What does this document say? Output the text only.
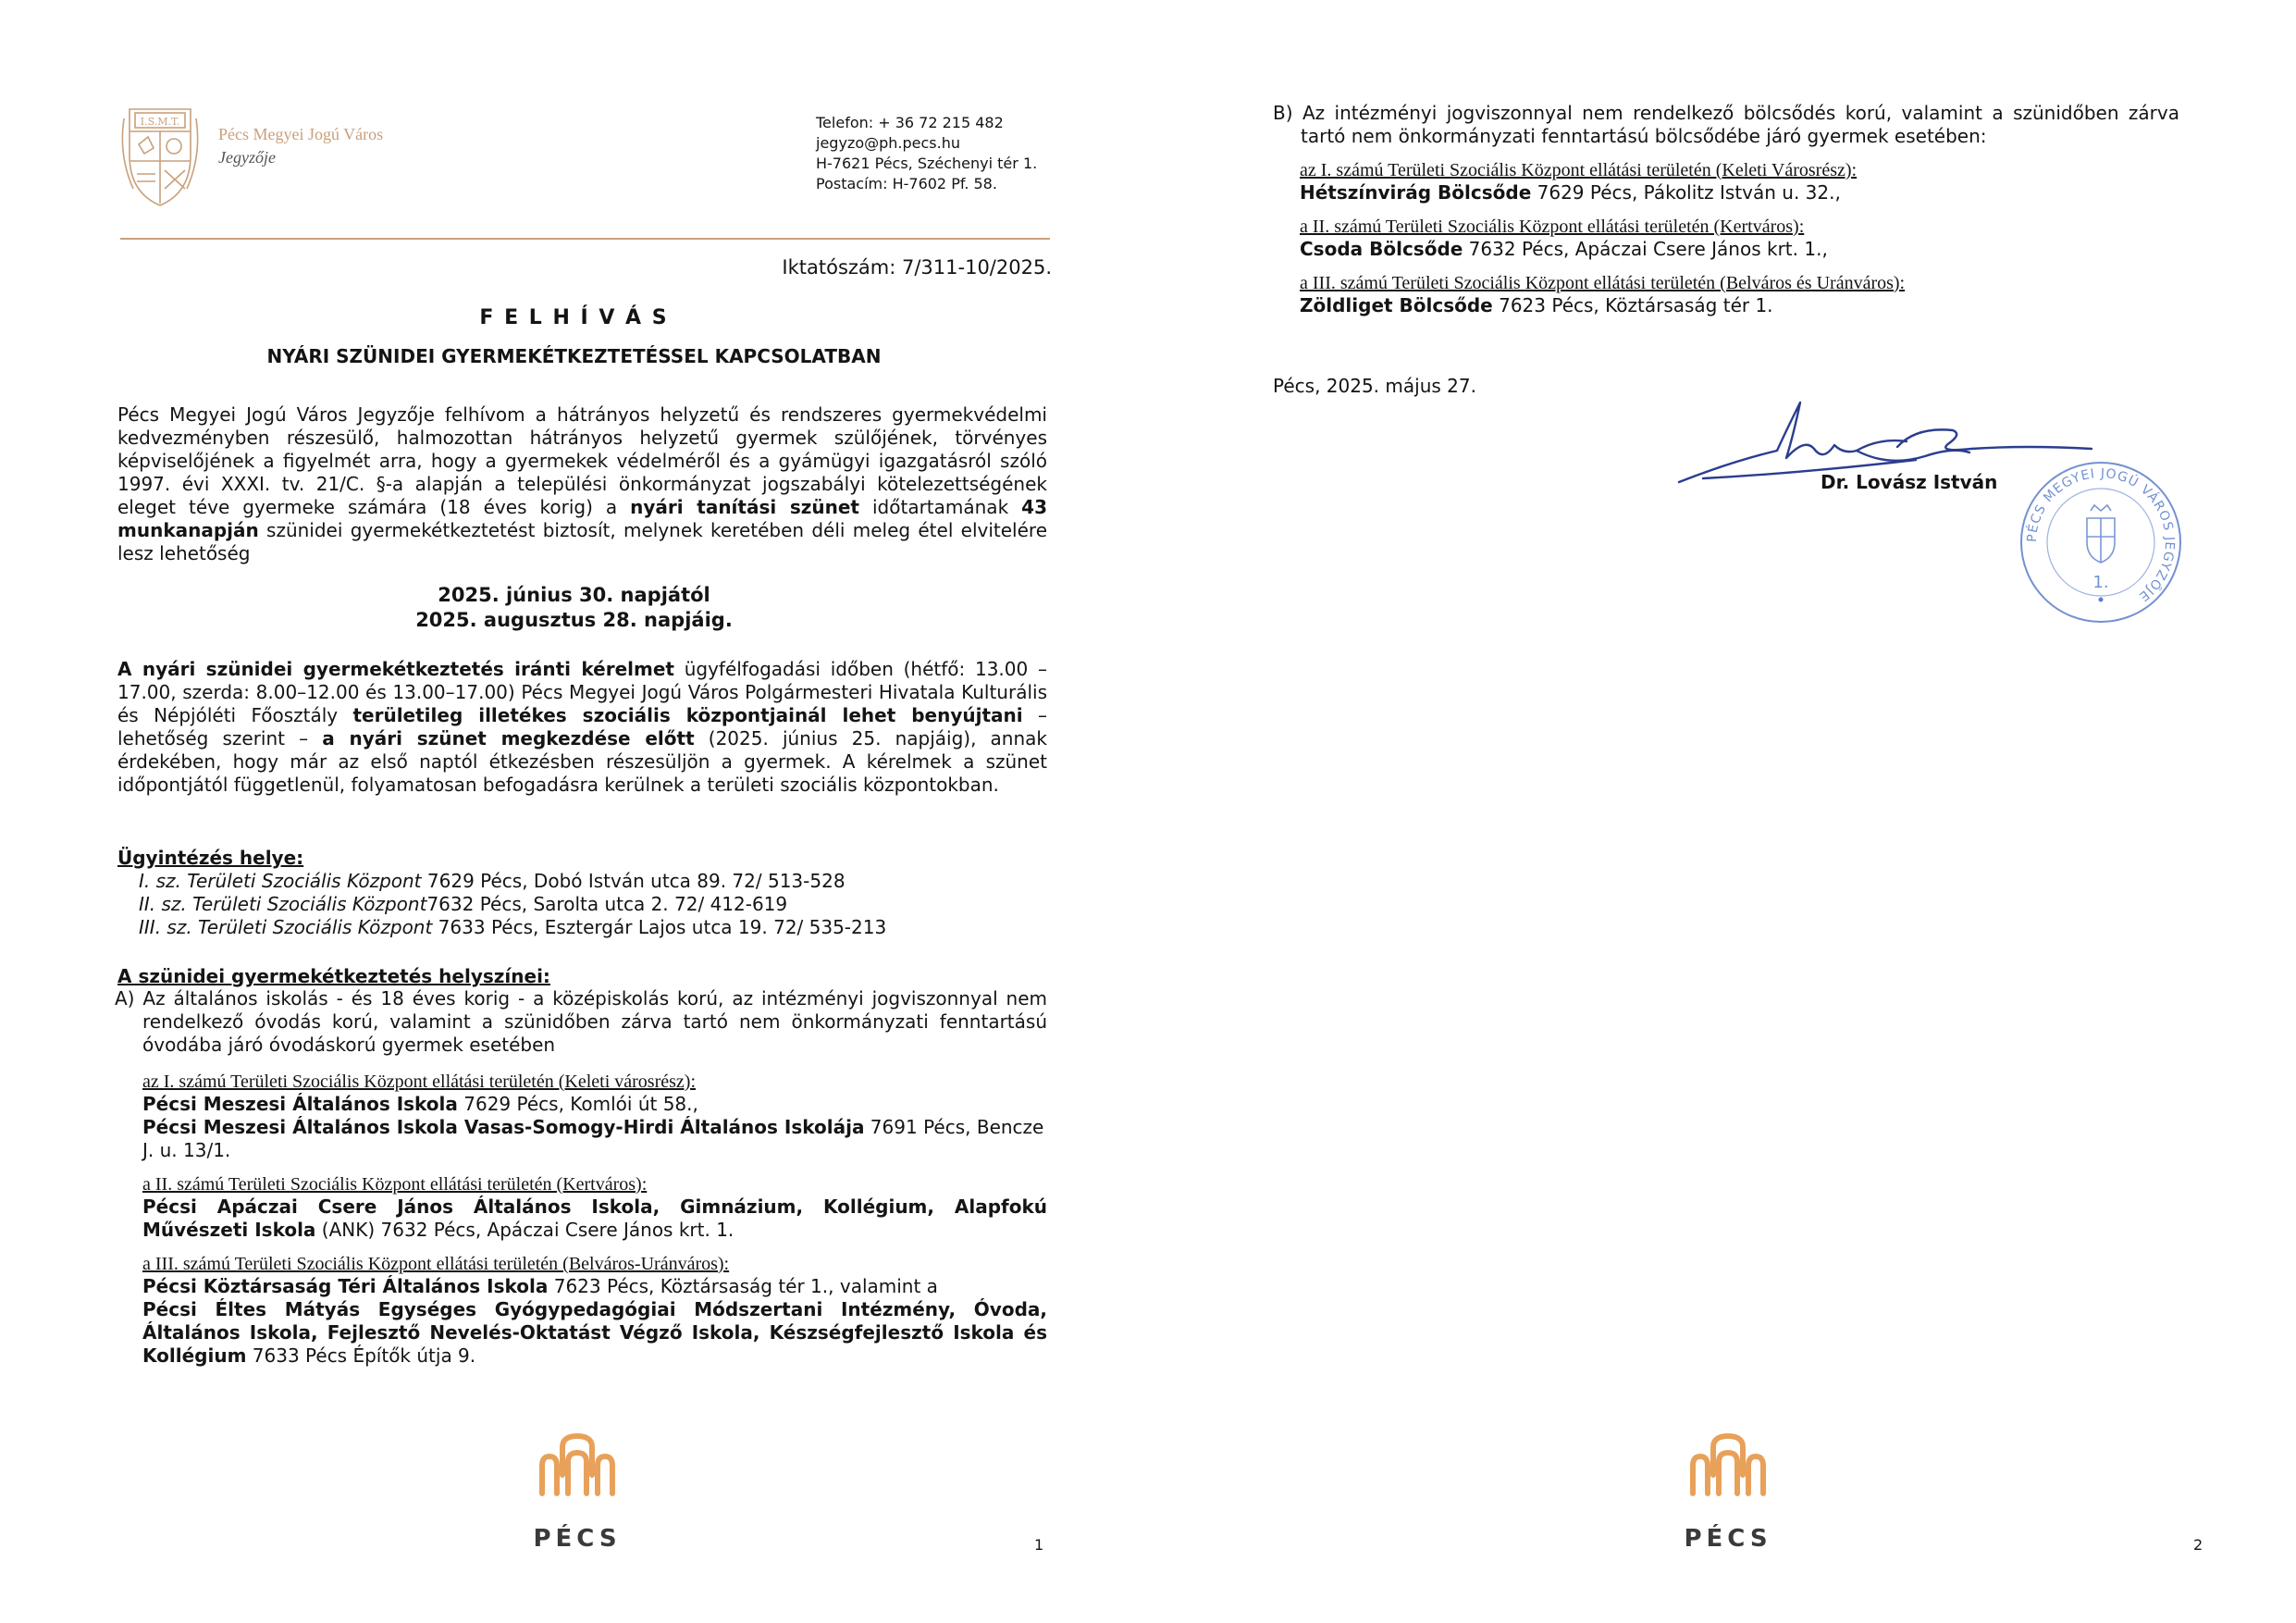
I.S.M.T.
Pécs Megyei Jogú Város
Jegyzője
Telefon: + 36 72 215 482
jegyzo@ph.pecs.hu
H-7621 Pécs, Széchenyi tér 1.
Postacím: H-7602 Pf. 58.
Iktatószám: 7/311-10/2025.
F E L H Í V Á S
NYÁRI SZÜNIDEI GYERMEKÉTKEZTETÉSSEL KAPCSOLATBAN
Pécs Megyei Jogú Város Jegyzője felhívom a hátrányos helyzetű és rendszeres gyermekvédelmi kedvezményben részesülő, halmozottan hátrányos helyzetű gyermek szülőjének, törvényes képviselőjének a figyelmét arra, hogy a gyermekek védelméről és a gyámügyi igazgatásról szóló 1997. évi XXXI. tv. 21/C. §-a alapján a települési önkormányzat jogszabályi kötelezettségének eleget téve gyermeke számára (18 éves korig) a nyári tanítási szünet időtartamának 43 munkanapján szünidei gyermekétkeztetést biztosít, melynek keretében déli meleg étel elvitelére lesz lehetőség
2025. június 30. napjától
2025. augusztus 28. napjáig.
A nyári szünidei gyermekétkeztetés iránti kérelmet ügyfélfogadási időben (hétfő: 13.00 – 17.00, szerda: 8.00–12.00 és 13.00–17.00) Pécs Megyei Jogú Város Polgármesteri Hivatala Kulturális és Népjóléti Főosztály területileg illetékes szociális központjainál lehet benyújtani – lehetőség szerint – a nyári szünet megkezdése előtt (2025. június 25. napjáig), annak érdekében, hogy már az első naptól étkezésben részesüljön a gyermek. A kérelmek a szünet időpontjától függetlenül, folyamatosan befogadásra kerülnek a területi szociális központokban.
Ügyintézés helye:
I. sz. Területi Szociális Központ 7629 Pécs, Dobó István utca 89. 72/ 513-528
II. sz. Területi Szociális Központ7632 Pécs, Sarolta utca 2. 72/ 412-619
III. sz. Területi Szociális Központ 7633 Pécs, Esztergár Lajos utca 19. 72/ 535-213
A szünidei gyermekétkeztetés helyszínei:
A) Az általános iskolás - és 18 éves korig - a középiskolás korú, az intézményi jogviszonnyal nem rendelkező óvodás korú, valamint a szünidőben zárva tartó nem önkormányzati fenntartású óvodába járó óvodáskorú gyermek esetében
az I. számú Területi Szociális Központ ellátási területén (Keleti városrész):
Pécsi Meszesi Általános Iskola 7629 Pécs, Komlói út 58.,
Pécsi Meszesi Általános Iskola Vasas-Somogy-Hirdi Általános Iskolája 7691 Pécs, Bencze J. u. 13/1.
a II. számú Területi Szociális Központ ellátási területén (Kertváros):
Pécsi Apáczai Csere János Általános Iskola, Gimnázium, Kollégium, Alapfokú Művészeti Iskola (ANK) 7632 Pécs, Apáczai Csere János krt. 1.
a III. számú Területi Szociális Központ ellátási területén (Belváros-Uránváros):
Pécsi Köztársaság Téri Általános Iskola 7623 Pécs, Köztársaság tér 1., valamint a
Pécsi Éltes Mátyás Egységes Gyógypedagógiai Módszertani Intézmény, Óvoda, Általános Iskola, Fejlesztő Nevelés-Oktatást Végző Iskola, Készségfejlesztő Iskola és Kollégium 7633 Pécs Építők útja 9.
PÉCS	1
B) Az intézményi jogviszonnyal nem rendelkező bölcsődés korú, valamint a szünidőben zárva tartó nem önkormányzati fenntartású bölcsődébe járó gyermek esetében:
az I. számú Területi Szociális Központ ellátási területén (Keleti Városrész):
Hétszínvirág Bölcsőde 7629 Pécs, Pákolitz István u. 32.,
a II. számú Területi Szociális Központ ellátási területén (Kertváros):
Csoda Bölcsőde 7632 Pécs, Apáczai Csere János krt. 1.,
a III. számú Területi Szociális Központ ellátási területén (Belváros és Uránváros):
Zöldliget Bölcsőde 7623 Pécs, Köztársaság tér 1.
Pécs, 2025. május 27.
Dr. Lovász István
PÉCS MEGYEI JOGÚ VÁROS JEGYZŐJE
1.
PÉCS	2
